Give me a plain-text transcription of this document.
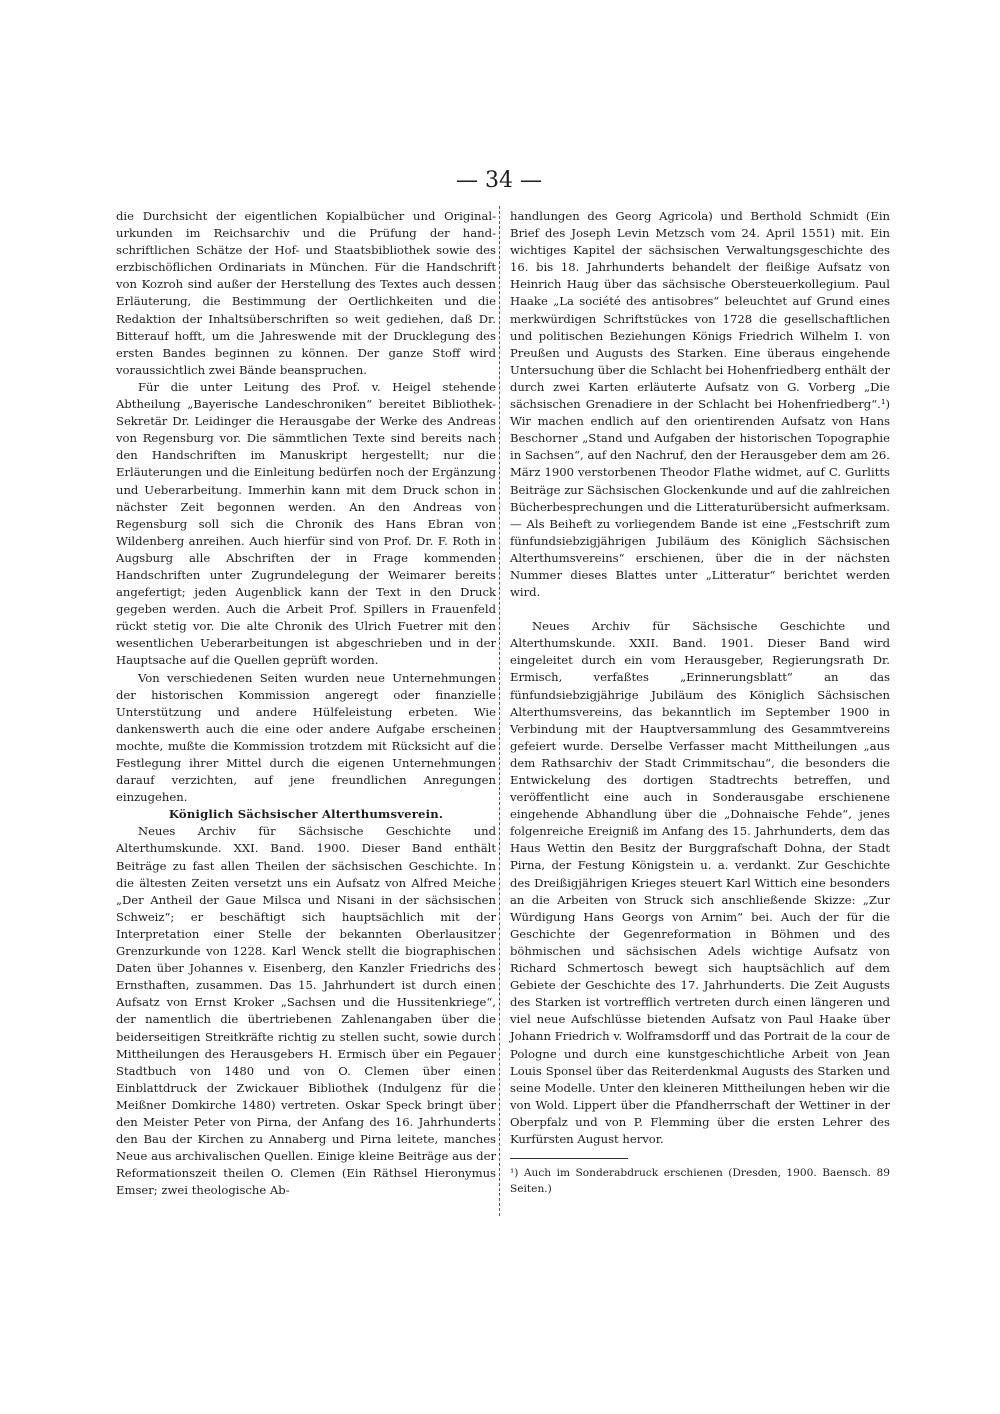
— 34 —

die Durchsicht der eigentlichen Kopialbücher und Originalurkunden im Reichsarchiv und die Prüfung der handschriftlichen Schätze der Hof- und Staatsbibliothek sowie des erzbischöflichen Ordinariats in München. Für die Handschrift von Kozroh sind außer der Herstellung des Textes auch dessen Erläuterung, die Bestimmung der Oertlichkeiten und die Redaktion der Inhaltsüberschriften so weit gediehen, daß Dr. Bitterauf hofft, um die Jahreswende mit der Drucklegung des ersten Bandes beginnen zu können. Der ganze Stoff wird voraussichtlich zwei Bände beanspruchen.

Für die unter Leitung des Prof. v. Heigel stehende Abtheilung „Bayerische Landeschroniken“ bereitet Bibliothek-Sekretär Dr. Leidinger die Herausgabe der Werke des Andreas von Regensburg vor. Die sämmtlichen Texte sind bereits nach den Handschriften im Manuskript hergestellt; nur die Erläuterungen und die Einleitung bedürfen noch der Ergänzung und Ueberarbeitung. Immerhin kann mit dem Druck schon in nächster Zeit begonnen werden. An den Andreas von Regensburg soll sich die Chronik des Hans Ebran von Wildenberg anreihen. Auch hierfür sind von Prof. Dr. F. Roth in Augsburg alle Abschriften der in Frage kommenden Handschriften unter Zugrundelegung der Weimarer bereits angefertigt; jeden Augenblick kann der Text in den Druck gegeben werden. Auch die Arbeit Prof. Spillers in Frauenfeld rückt stetig vor. Die alte Chronik des Ulrich Fuetrer mit den wesentlichen Ueberarbeitungen ist abgeschrieben und in der Hauptsache auf die Quellen geprüft worden.

Von verschiedenen Seiten wurden neue Unternehmungen der historischen Kommission angeregt oder finanzielle Unterstützung und andere Hülfeleistung erbeten. Wie dankenswerth auch die eine oder andere Aufgabe erscheinen mochte, mußte die Kommission trotzdem mit Rücksicht auf die Festlegung ihrer Mittel durch die eigenen Unternehmungen darauf verzichten, auf jene freundlichen Anregungen einzugehen.

Königlich Sächsischer Alterthumsverein.

Neues Archiv für Sächsische Geschichte und Alterthumskunde. XXI. Band. 1900. Dieser Band enthält Beiträge zu fast allen Theilen der sächsischen Geschichte. In die ältesten Zeiten versetzt uns ein Aufsatz von Alfred Meiche „Der Antheil der Gaue Milsca und Nisani in der sächsischen Schweiz“; er beschäftigt sich hauptsächlich mit der Interpretation einer Stelle der bekannten Oberlausitzer Grenzurkunde von 1228. Karl Wenck stellt die biographischen Daten über Johannes v. Eisenberg, den Kanzler Friedrichs des Ernsthaften, zusammen. Das 15. Jahrhundert ist durch einen Aufsatz von Ernst Kroker „Sachsen und die Hussitenkriege“, der namentlich die übertriebenen Zahlenangaben über die beiderseitigen Streitkräfte richtig zu stellen sucht, sowie durch Mittheilungen des Herausgebers H. Ermisch über ein Pegauer Stadtbuch von 1480 und von O. Clemen über einen Einblattdruck der Zwickauer Bibliothek (Indulgenz für die Meißner Domkirche 1480) vertreten. Oskar Speck bringt über den Meister Peter von Pirna, der Anfang des 16. Jahrhunderts den Bau der Kirchen zu Annaberg und Pirna leitete, manches Neue aus archivalischen Quellen. Einige kleine Beiträge aus der Reformationszeit theilen O. Clemen (Ein Räthsel Hieronymus Emser; zwei theologische Ab-

handlungen des Georg Agricola) und Berthold Schmidt (Ein Brief des Joseph Levin Metzsch vom 24. April 1551) mit. Ein wichtiges Kapitel der sächsischen Verwaltungsgeschichte des 16. bis 18. Jahrhunderts behandelt der fleißige Aufsatz von Heinrich Haug über das sächsische Obersteuerkollegium. Paul Haake „La société des antisobres“ beleuchtet auf Grund eines merkwürdigen Schriftstückes von 1728 die gesellschaftlichen und politischen Beziehungen Königs Friedrich Wilhelm I. von Preußen und Augusts des Starken. Eine überaus eingehende Untersuchung über die Schlacht bei Hohenfriedberg enthält der durch zwei Karten erläuterte Aufsatz von G. Vorberg „Die sächsischen Grenadiere in der Schlacht bei Hohenfriedberg“.¹) Wir machen endlich auf den orientirenden Aufsatz von Hans Beschorner „Stand und Aufgaben der historischen Topographie in Sachsen“, auf den Nachruf, den der Herausgeber dem am 26. März 1900 verstorbenen Theodor Flathe widmet, auf C. Gurlitts Beiträge zur Sächsischen Glockenkunde und auf die zahlreichen Bücherbesprechungen und die Litteraturübersicht aufmerksam. — Als Beiheft zu vorliegendem Bande ist eine „Festschrift zum fünfundsiebzigjährigen Jubiläum des Königlich Sächsischen Alterthumsvereins“ erschienen, über die in der nächsten Nummer dieses Blattes unter „Litteratur“ berichtet werden wird.

Neues Archiv für Sächsische Geschichte und Alterthumskunde. XXII. Band. 1901. Dieser Band wird eingeleitet durch ein vom Herausgeber, Regierungsrath Dr. Ermisch, verfaßtes „Erinnerungsblatt“ an das fünfundsiebzigjährige Jubiläum des Königlich Sächsischen Alterthumsvereins, das bekanntlich im September 1900 in Verbindung mit der Hauptversammlung des Gesammtvereins gefeiert wurde. Derselbe Verfasser macht Mittheilungen „aus dem Rathsarchiv der Stadt Crimmitschau“, die besonders die Entwickelung des dortigen Stadtrechts betreffen, und veröffentlicht eine auch in Sonderausgabe erschienene eingehende Abhandlung über die „Dohnaische Fehde“, jenes folgenreiche Ereigniß im Anfang des 15. Jahrhunderts, dem das Haus Wettin den Besitz der Burggrafschaft Dohna, der Stadt Pirna, der Festung Königstein u. a. verdankt. Zur Geschichte des Dreißigjährigen Krieges steuert Karl Wittich eine besonders an die Arbeiten von Struck sich anschließende Skizze: „Zur Würdigung Hans Georgs von Arnim“ bei. Auch der für die Geschichte der Gegenreformation in Böhmen und des böhmischen und sächsischen Adels wichtige Aufsatz von Richard Schmertosch bewegt sich hauptsächlich auf dem Gebiete der Geschichte des 17. Jahrhunderts. Die Zeit Augusts des Starken ist vortrefflich vertreten durch einen längeren und viel neue Aufschlüsse bietenden Aufsatz von Paul Haake über Johann Friedrich v. Wolframsdorff und das Portrait de la cour de Pologne und durch eine kunstgeschichtliche Arbeit von Jean Louis Sponsel über das Reiterdenkmal Augusts des Starken und seine Modelle. Unter den kleineren Mittheilungen heben wir die von Wold. Lippert über die Pfandherrschaft der Wettiner in der Oberpfalz und von P. Flemming über die ersten Lehrer des Kurfürsten August hervor.

¹) Auch im Sonderabdruck erschienen (Dresden, 1900. Baensch. 89 Seiten.)
